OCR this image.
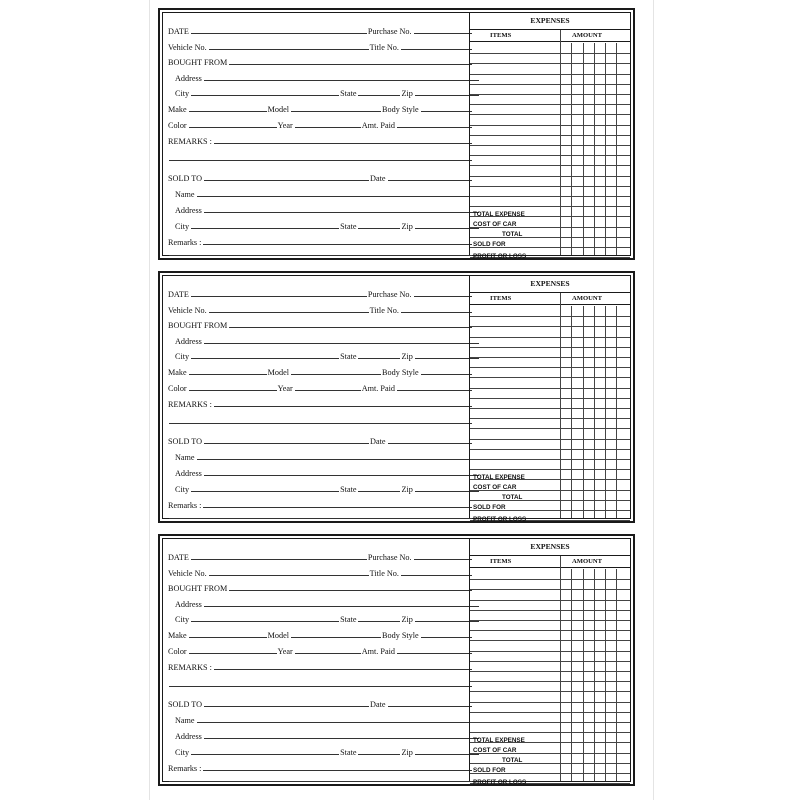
DATE	Purchase No.
Vehicle No.	Title No.
BOUGHT FROM
Address
City	State	Zip
Make	Model	Body Style
Color	Year	Amt. Paid
REMARKS :
SOLD TO	Date
Name
Address
City	State	Zip
Remarks :
EXPENSES
ITEMS	AMOUNT
TOTAL EXPENSE
COST OF CAR
TOTAL
SOLD FOR
PROFIT OR LOSS
DATE	Purchase No.
Vehicle No.	Title No.
BOUGHT FROM
Address
City	State	Zip
Make	Model	Body Style
Color	Year	Amt. Paid
REMARKS :
SOLD TO	Date
Name
Address
City	State	Zip
Remarks :
EXPENSES
ITEMS	AMOUNT
TOTAL EXPENSE
COST OF CAR
TOTAL
SOLD FOR
PROFIT OR LOSS
DATE	Purchase No.
Vehicle No.	Title No.
BOUGHT FROM
Address
City	State	Zip
Make	Model	Body Style
Color	Year	Amt. Paid
REMARKS :
SOLD TO	Date
Name
Address
City	State	Zip
Remarks :
EXPENSES
ITEMS	AMOUNT
TOTAL EXPENSE
COST OF CAR
TOTAL
SOLD FOR
PROFIT OR LOSS
